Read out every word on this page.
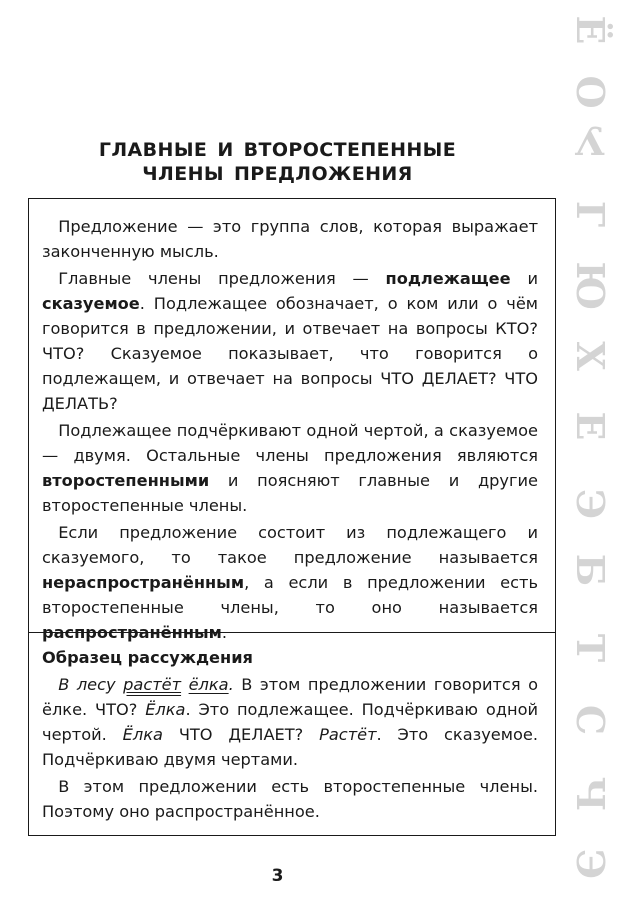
ГЛАВНЫЕ И ВТОРОСТЕПЕННЫЕ
ЧЛЕНЫ ПРЕДЛОЖЕНИЯ

 Предложение — это группа слов, которая выражает законченную мысль.

 Главные члены предложения — подлежащее и сказуемое. Подлежащее обозначает, о ком или о чём говорится в предложении, и отвечает на вопросы КТО? ЧТО? Сказуемое показывает, что говорится о подлежащем, и отвечает на вопросы ЧТО ДЕЛАЕТ? ЧТО ДЕЛАТЬ?

 Подлежащее подчёркивают одной чертой, а сказуемое — двумя. Остальные члены предложения являются второстепенными и поясняют главные и другие второстепенные члены.

 Если предложение состоит из подлежащего и сказуемого, то такое предложение называется нераспространённым, а если в предложении есть второстепенные члены, то оно называется распространённым.

Образец рассуждения

 В лесу растёт ёлка. В этом предложении говорится о ёлке. ЧТО? Ёлка. Это подлежащее. Подчёркиваю одной чертой. Ёлка ЧТО ДЕЛАЕТ? Растёт. Это сказуемое. Подчёркиваю двумя чертами.

 В этом предложении есть второстепенные члены. Поэтому оно распространённое.

3
Ё
О
У
Г
Ю
Х
Е
Э
Б
Т
С
Ч
Э
